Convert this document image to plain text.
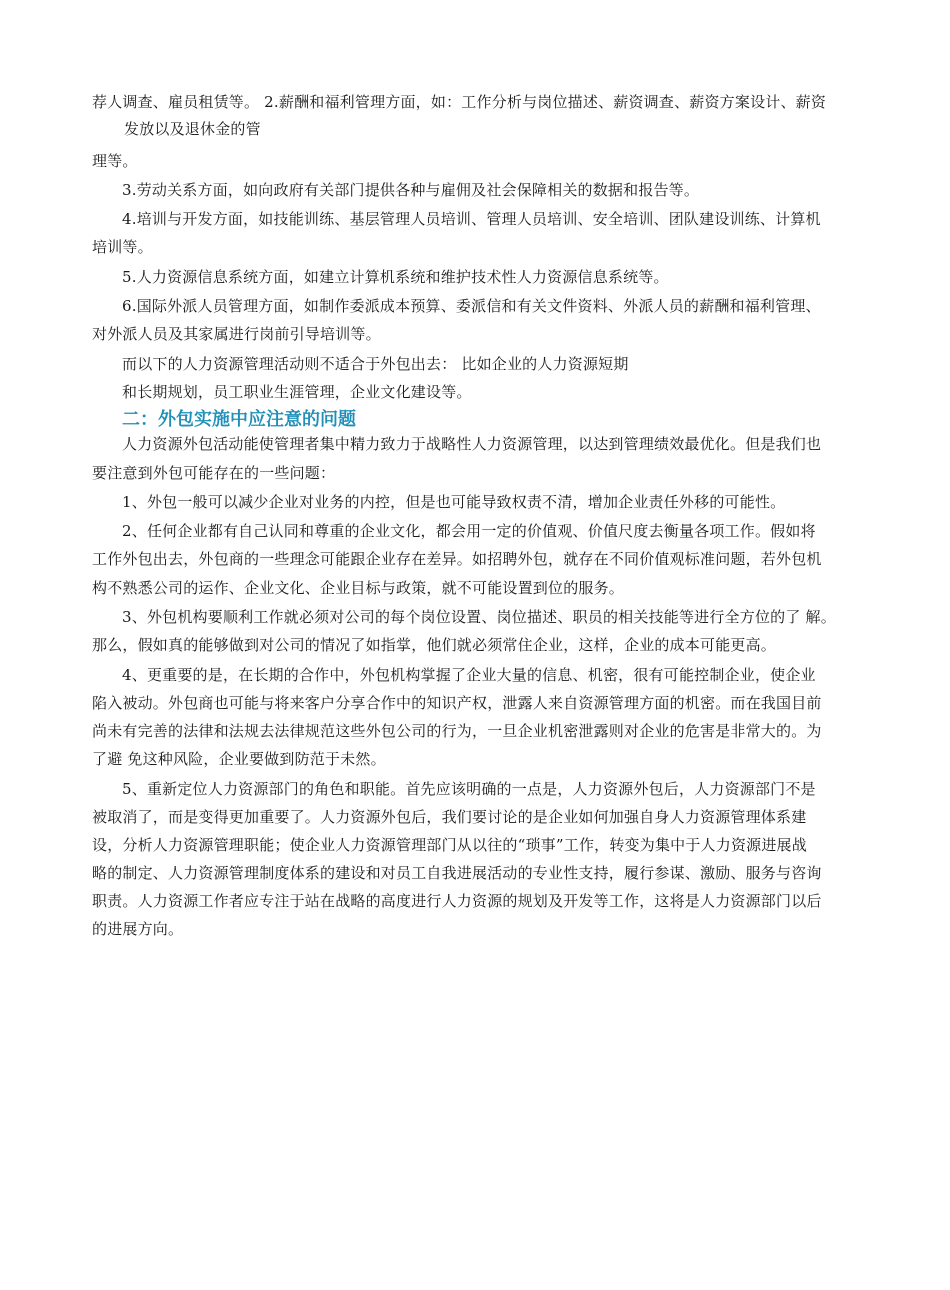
荐人调查、雇员租赁等。 2.薪酬和福利管理方面，如：工作分析与岗位描述、薪资调查、薪资方案设计、薪资
发放以及退休金的管
理等。
3.劳动关系方面，如向政府有关部门提供各种与雇佣及社会保障相关的数据和报告等。
4.培训与开发方面，如技能训练、基层管理人员培训、管理人员培训、安全培训、团队建设训练、计算机
培训等。
5.人力资源信息系统方面，如建立计算机系统和维护技术性人力资源信息系统等。
6.国际外派人员管理方面，如制作委派成本预算、委派信和有关文件资料、外派人员的薪酬和福利管理、
对外派人员及其家属进行岗前引导培训等。
而以下的人力资源管理活动则不适合于外包出去： 比如企业的人力资源短期
和长期规划，员工职业生涯管理，企业文化建设等。
二：外包实施中应注意的问题
人力资源外包活动能使管理者集中精力致力于战略性人力资源管理，以达到管理绩效最优化。但是我们也
要注意到外包可能存在的一些问题：
1、外包一般可以减少企业对业务的内控，但是也可能导致权责不清，增加企业责任外移的可能性。
2、任何企业都有自己认同和尊重的企业文化，都会用一定的价值观、价值尺度去衡量各项工作。假如将
工作外包出去，外包商的一些理念可能跟企业存在差异。如招聘外包，就存在不同价值观标准问题，若外包机
构不熟悉公司的运作、企业文化、企业目标与政策，就不可能设置到位的服务。
3、外包机构要顺利工作就必须对公司的每个岗位设置、岗位描述、职员的相关技能等进行全方位的了 解。
那么，假如真的能够做到对公司的情况了如指掌，他们就必须常住企业，这样，企业的成本可能更高。
4、更重要的是，在长期的合作中，外包机构掌握了企业大量的信息、机密，很有可能控制企业，使企业
陷入被动。外包商也可能与将来客户分享合作中的知识产权，泄露人来自资源管理方面的机密。而在我国目前
尚未有完善的法律和法规去法律规范这些外包公司的行为，一旦企业机密泄露则对企业的危害是非常大的。为
了避 免这种风险，企业要做到防范于未然。
5、重新定位人力资源部门的角色和职能。首先应该明确的一点是，人力资源外包后，人力资源部门不是
被取消了，而是变得更加重要了。人力资源外包后，我们要讨论的是企业如何加强自身人力资源管理体系建
设，分析人力资源管理职能；使企业人力资源管理部门从以往的“琐事”工作，转变为集中于人力资源进展战
略的制定、人力资源管理制度体系的建设和对员工自我进展活动的专业性支持，履行参谋、激励、服务与咨询
职责。人力资源工作者应专注于站在战略的高度进行人力资源的规划及开发等工作，这将是人力资源部门以后
的进展方向。
